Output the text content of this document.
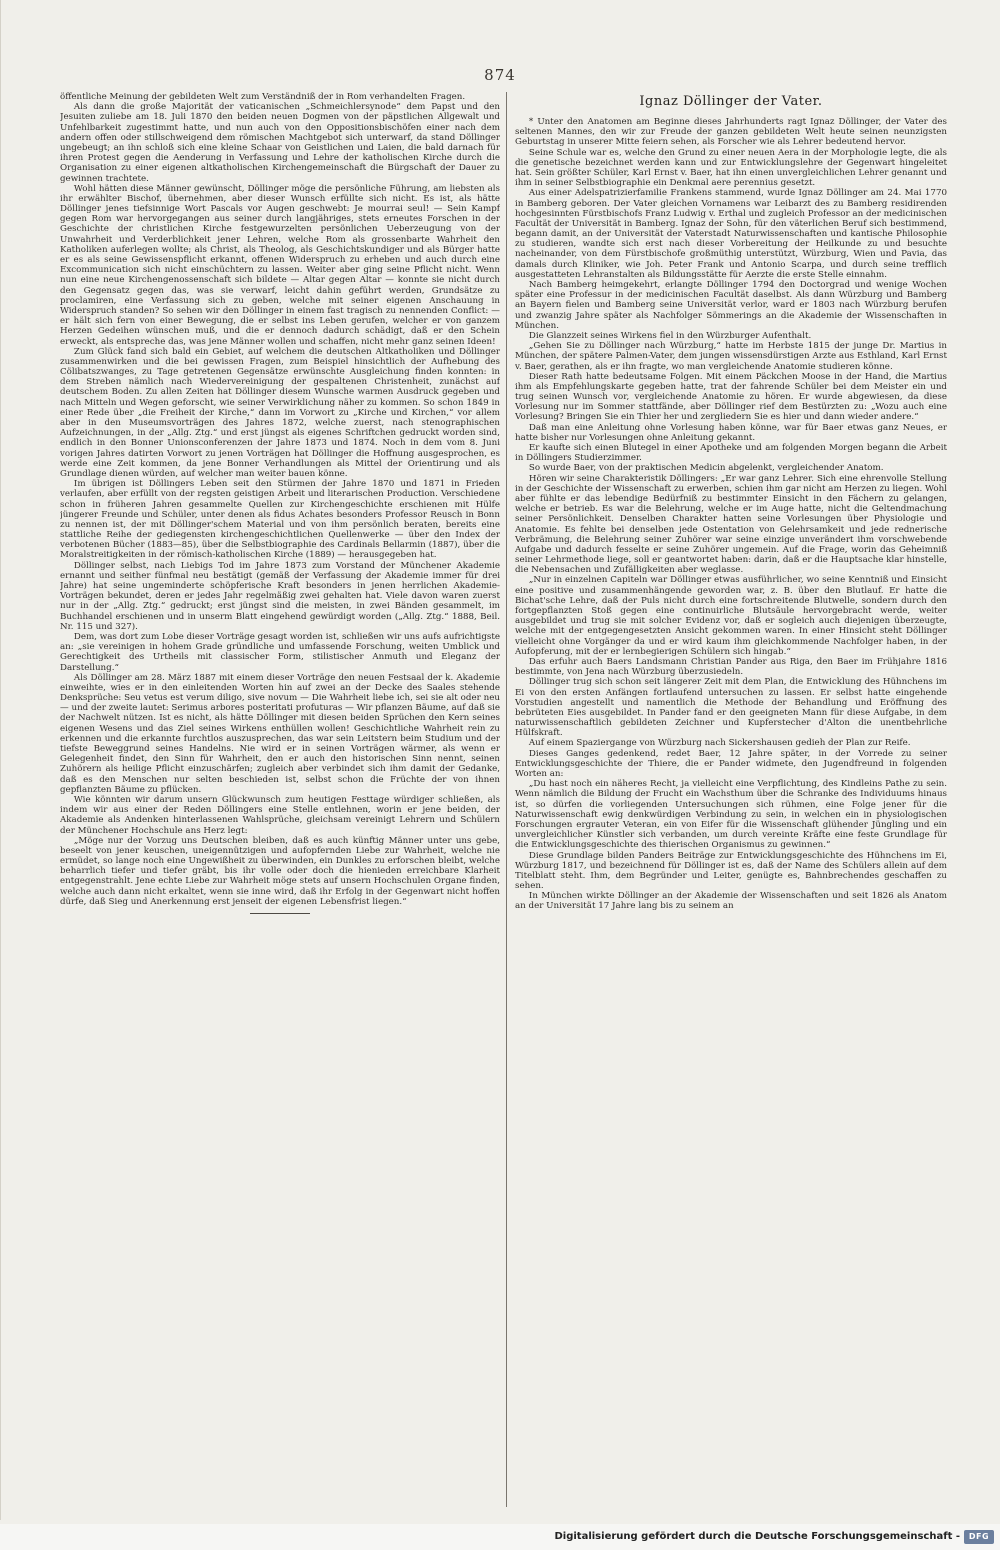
874

öffentliche Meinung der gebildeten Welt zum Verständniß der in Rom verhandelten Fragen.

Als dann die große Majorität der vaticanischen „Schmeichlersynode“ dem Papst und den Jesuiten zuliebe am 18. Juli 1870 den beiden neuen Dogmen von der päpstlichen Allgewalt und Unfehlbarkeit zugestimmt hatte, und nun auch von den Oppositionsbischöfen einer nach dem andern offen oder stillschweigend dem römischen Machtgebot sich unterwarf, da stand Döllinger ungebeugt; an ihn schloß sich eine kleine Schaar von Geistlichen und Laien, die bald darnach für ihren Protest gegen die Aenderung in Verfassung und Lehre der katholischen Kirche durch die Organisation zu einer eigenen altkatholischen Kirchengemeinschaft die Bürgschaft der Dauer zu gewinnen trachtete.

Wohl hätten diese Männer gewünscht, Döllinger möge die persönliche Führung, am liebsten als ihr erwählter Bischof, übernehmen, aber dieser Wunsch erfüllte sich nicht. Es ist, als hätte Döllinger jenes tiefsinnige Wort Pascals vor Augen geschwebt: Je mourrai seul! — Sein Kampf gegen Rom war hervorgegangen aus seiner durch langjähriges, stets erneutes Forschen in der Geschichte der christlichen Kirche festgewurzelten persönlichen Ueberzeugung von der Unwahrheit und Verderblichkeit jener Lehren, welche Rom als grossenbarte Wahrheit den Katholiken auferlegen wollte; als Christ, als Theolog, als Geschichtskundiger und als Bürger hatte er es als seine Gewissenspflicht erkannt, offenen Widerspruch zu erheben und auch durch eine Excommunication sich nicht einschüchtern zu lassen. Weiter aber ging seine Pflicht nicht. Wenn nun eine neue Kirchengenossenschaft sich bildete — Altar gegen Altar — konnte sie nicht durch den Gegensatz gegen das, was sie verwarf, leicht dahin geführt werden, Grundsätze zu proclamiren, eine Verfassung sich zu geben, welche mit seiner eigenen Anschauung in Widerspruch standen? So sehen wir den Döllinger in einem fast tragisch zu nennenden Conflict: — er hält sich fern von einer Bewegung, die er selbst ins Leben gerufen, welcher er von ganzem Herzen Gedeihen wünschen muß, und die er dennoch dadurch schädigt, daß er den Schein erweckt, als entspreche das, was jene Männer wollen und schaffen, nicht mehr ganz seinen Ideen!

Zum Glück fand sich bald ein Gebiet, auf welchem die deutschen Altkatholiken und Döllinger zusammenwirken und die bei gewissen Fragen, zum Beispiel hinsichtlich der Aufhebung des Cölibatszwanges, zu Tage getretenen Gegensätze erwünschte Ausgleichung finden konnten: in dem Streben nämlich nach Wiedervereinigung der gespaltenen Christenheit, zunächst auf deutschem Boden. Zu allen Zeiten hat Döllinger diesem Wunsche warmen Ausdruck gegeben und nach Mitteln und Wegen geforscht, wie seiner Verwirklichung näher zu kommen. So schon 1849 in einer Rede über „die Freiheit der Kirche,“ dann im Vorwort zu „Kirche und Kirchen,“ vor allem aber in den Museumsvorträgen des Jahres 1872, welche zuerst, nach stenographischen Aufzeichnungen, in der „Allg. Ztg.“ und erst jüngst als eigenes Schriftchen gedruckt worden sind, endlich in den Bonner Unionsconferenzen der Jahre 1873 und 1874. Noch in dem vom 8. Juni vorigen Jahres datirten Vorwort zu jenen Vorträgen hat Döllinger die Hoffnung ausgesprochen, es werde eine Zeit kommen, da jene Bonner Verhandlungen als Mittel der Orientirung und als Grundlage dienen würden, auf welcher man weiter bauen könne.

Im übrigen ist Döllingers Leben seit den Stürmen der Jahre 1870 und 1871 in Frieden verlaufen, aber erfüllt von der regsten geistigen Arbeit und literarischen Production. Verschiedene schon in früheren Jahren gesammelte Quellen zur Kirchengeschichte erschienen mit Hülfe jüngerer Freunde und Schüler, unter denen als fidus Achates besonders Professor Reusch in Bonn zu nennen ist, der mit Döllinger'schem Material und von ihm persönlich beraten, bereits eine stattliche Reihe der gediegensten kirchengeschichtlichen Quellenwerke — über den Index der verbotenen Bücher (1883—85), über die Selbstbiographie des Cardinals Bellarmin (1887), über die Moralstreitigkeiten in der römisch-katholischen Kirche (1889) — herausgegeben hat.

Döllinger selbst, nach Liebigs Tod im Jahre 1873 zum Vorstand der Münchener Akademie ernannt und seither fünfmal neu bestätigt (gemäß der Verfassung der Akademie immer für drei Jahre) hat seine ungeminderte schöpferische Kraft besonders in jenen herrlichen Akademie-Vorträgen bekundet, deren er jedes Jahr regelmäßig zwei gehalten hat. Viele davon waren zuerst nur in der „Allg. Ztg.“ gedruckt; erst jüngst sind die meisten, in zwei Bänden gesammelt, im Buchhandel erschienen und in unserm Blatt eingehend gewürdigt worden („Allg. Ztg.“ 1888, Beil. Nr. 115 und 327).

Dem, was dort zum Lobe dieser Vorträge gesagt worden ist, schließen wir uns aufs aufrichtigste an: „sie vereinigen in hohem Grade gründliche und umfassende Forschung, weiten Umblick und Gerechtigkeit des Urtheils mit classischer Form, stilistischer Anmuth und Eleganz der Darstellung.“

Als Döllinger am 28. März 1887 mit einem dieser Vorträge den neuen Festsaal der k. Akademie einweihte, wies er in den einleitenden Worten hin auf zwei an der Decke des Saales stehende Denksprüche: Seu vetus est verum diligo, sive novum — Die Wahrheit liebe ich, sei sie alt oder neu — und der zweite lautet: Serimus arbores posteritati profuturas — Wir pflanzen Bäume, auf daß sie der Nachwelt nützen. Ist es nicht, als hätte Döllinger mit diesen beiden Sprüchen den Kern seines eigenen Wesens und das Ziel seines Wirkens enthüllen wollen! Geschichtliche Wahrheit rein zu erkennen und die erkannte furchtlos auszusprechen, das war sein Leitstern beim Studium und der tiefste Beweggrund seines Handelns. Nie wird er in seinen Vorträgen wärmer, als wenn er Gelegenheit findet, den Sinn für Wahrheit, den er auch den historischen Sinn nennt, seinen Zuhörern als heilige Pflicht einzuschärfen; zugleich aber verbindet sich ihm damit der Gedanke, daß es den Menschen nur selten beschieden ist, selbst schon die Früchte der von ihnen gepflanzten Bäume zu pflücken.

Wie könnten wir darum unsern Glückwunsch zum heutigen Festtage würdiger schließen, als indem wir aus einer der Reden Döllingers eine Stelle entlehnen, worin er jene beiden, der Akademie als Andenken hinterlassenen Wahlsprüche, gleichsam vereinigt Lehrern und Schülern der Münchener Hochschule ans Herz legt:

„Möge nur der Vorzug uns Deutschen bleiben, daß es auch künftig Männer unter uns gebe, beseelt von jener keuschen, uneigennützigen und aufopfernden Liebe zur Wahrheit, welche nie ermüdet, so lange noch eine Ungewißheit zu überwinden, ein Dunkles zu erforschen bleibt, welche beharrlich tiefer und tiefer gräbt, bis ihr volle oder doch die hienieden erreichbare Klarheit entgegenstrahlt. Jene echte Liebe zur Wahrheit möge stets auf unsern Hochschulen Organe finden, welche auch dann nicht erkaltet, wenn sie inne wird, daß ihr Erfolg in der Gegenwart nicht hoffen dürfe, daß Sieg und Anerkennung erst jenseit der eigenen Lebensfrist liegen.“

Ignaz Döllinger der Vater.

* Unter den Anatomen am Beginne dieses Jahrhunderts ragt Ignaz Döllinger, der Vater des seltenen Mannes, den wir zur Freude der ganzen gebildeten Welt heute seinen neunzigsten Geburtstag in unserer Mitte feiern sehen, als Forscher wie als Lehrer bedeutend hervor.

Seine Schule war es, welche den Grund zu einer neuen Aera in der Morphologie legte, die als die genetische bezeichnet werden kann und zur Entwicklungslehre der Gegenwart hingeleitet hat. Sein größter Schüler, Karl Ernst v. Baer, hat ihn einen unvergleichlichen Lehrer genannt und ihm in seiner Selbstbiographie ein Denkmal aere perennius gesetzt.

Aus einer Adelspatrizierfamilie Frankens stammend, wurde Ignaz Döllinger am 24. Mai 1770 in Bamberg geboren. Der Vater gleichen Vornamens war Leibarzt des zu Bamberg residirenden hochgesinnten Fürstbischofs Franz Ludwig v. Erthal und zugleich Professor an der medicinischen Facultät der Universität in Bamberg. Ignaz der Sohn, für den väterlichen Beruf sich bestimmend, begann damit, an der Universität der Vaterstadt Naturwissenschaften und kantische Philosophie zu studieren, wandte sich erst nach dieser Vorbereitung der Heilkunde zu und besuchte nacheinander, von dem Fürstbischofe großmüthig unterstützt, Würzburg, Wien und Pavia, das damals durch Kliniker, wie Joh. Peter Frank und Antonio Scarpa, und durch seine trefflich ausgestatteten Lehranstalten als Bildungsstätte für Aerzte die erste Stelle einnahm.

Nach Bamberg heimgekehrt, erlangte Döllinger 1794 den Doctorgrad und wenige Wochen später eine Professur in der medicinischen Facultät daselbst. Als dann Würzburg und Bamberg an Bayern fielen und Bamberg seine Universität verlor, ward er 1803 nach Würzburg berufen und zwanzig Jahre später als Nachfolger Sömmerings an die Akademie der Wissenschaften in München.

Die Glanzzeit seines Wirkens fiel in den Würzburger Aufenthalt.

„Gehen Sie zu Döllinger nach Würzburg,“ hatte im Herbste 1815 der junge Dr. Martius in München, der spätere Palmen-Vater, dem jungen wissensdürstigen Arzte aus Esthland, Karl Ernst v. Baer, gerathen, als er ihn fragte, wo man vergleichende Anatomie studieren könne.

Dieser Rath hatte bedeutsame Folgen. Mit einem Päckchen Moose in der Hand, die Martius ihm als Empfehlungskarte gegeben hatte, trat der fahrende Schüler bei dem Meister ein und trug seinen Wunsch vor, vergleichende Anatomie zu hören. Er wurde abgewiesen, da diese Vorlesung nur im Sommer stattfände, aber Döllinger rief dem Bestürzten zu: „Wozu auch eine Vorlesung? Bringen Sie ein Thier her und zergliedern Sie es hier und dann wieder andere.“

Daß man eine Anleitung ohne Vorlesung haben könne, war für Baer etwas ganz Neues, er hatte bisher nur Vorlesungen ohne Anleitung gekannt.

Er kaufte sich einen Blutegel in einer Apotheke und am folgenden Morgen begann die Arbeit in Döllingers Studierzimmer.

So wurde Baer, von der praktischen Medicin abgelenkt, vergleichender Anatom.

Hören wir seine Charakteristik Döllingers: „Er war ganz Lehrer. Sich eine ehrenvolle Stellung in der Geschichte der Wissenschaft zu erwerben, schien ihm gar nicht am Herzen zu liegen. Wohl aber fühlte er das lebendige Bedürfniß zu bestimmter Einsicht in den Fächern zu gelangen, welche er betrieb. Es war die Belehrung, welche er im Auge hatte, nicht die Geltendmachung seiner Persönlichkeit. Denselben Charakter hatten seine Vorlesungen über Physiologie und Anatomie. Es fehlte bei denselben jede Ostentation von Gelehrsamkeit und jede rednerische Verbrämung, die Belehrung seiner Zuhörer war seine einzige unverändert ihm vorschwebende Aufgabe und dadurch fesselte er seine Zuhörer ungemein. Auf die Frage, worin das Geheimniß seiner Lehrmethode liege, soll er geantwortet haben: darin, daß er die Hauptsache klar hinstelle, die Nebensachen und Zufälligkeiten aber weglasse.

„Nur in einzelnen Capiteln war Döllinger etwas ausführlicher, wo seine Kenntniß und Einsicht eine positive und zusammenhängende geworden war, z. B. über den Blutlauf. Er hatte die Bichat'sche Lehre, daß der Puls nicht durch eine fortschreitende Blutwelle, sondern durch den fortgepflanzten Stoß gegen eine continuirliche Blutsäule hervorgebracht werde, weiter ausgebildet und trug sie mit solcher Evidenz vor, daß er sogleich auch diejenigen überzeugte, welche mit der entgegengesetzten Ansicht gekommen waren. In einer Hinsicht steht Döllinger vielleicht ohne Vorgänger da und er wird kaum ihm gleichkommende Nachfolger haben, in der Aufopferung, mit der er lernbegierigen Schülern sich hingab.“

Das erfuhr auch Baers Landsmann Christian Pander aus Riga, den Baer im Frühjahre 1816 bestimmte, von Jena nach Würzburg überzusiedeln.

Döllinger trug sich schon seit längerer Zeit mit dem Plan, die Entwicklung des Hühnchens im Ei von den ersten Anfängen fortlaufend untersuchen zu lassen. Er selbst hatte eingehende Vorstudien angestellt und namentlich die Methode der Behandlung und Eröffnung des bebrüteten Eies ausgebildet. In Pander fand er den geeigneten Mann für diese Aufgabe, in dem naturwissenschaftlich gebildeten Zeichner und Kupferstecher d'Alton die unentbehrliche Hülfskraft.

Auf einem Spaziergange von Würzburg nach Sickershausen gedieh der Plan zur Reife.

Dieses Ganges gedenkend, redet Baer, 12 Jahre später, in der Vorrede zu seiner Entwicklungsgeschichte der Thiere, die er Pander widmete, den Jugendfreund in folgenden Worten an:

„Du hast noch ein näheres Recht, ja vielleicht eine Verpflichtung, des Kindleins Pathe zu sein. Wenn nämlich die Bildung der Frucht ein Wachsthum über die Schranke des Individuums hinaus ist, so dürfen die vorliegenden Untersuchungen sich rühmen, eine Folge jener für die Naturwissenschaft ewig denkwürdigen Verbindung zu sein, in welchen ein in physiologischen Forschungen ergrauter Veteran, ein von Eifer für die Wissenschaft glühender Jüngling und ein unvergleichlicher Künstler sich verbanden, um durch vereinte Kräfte eine feste Grundlage für die Entwicklungsgeschichte des thierischen Organismus zu gewinnen.“

Diese Grundlage bilden Panders Beiträge zur Entwicklungsgeschichte des Hühnchens im Ei, Würzburg 1817, und bezeichnend für Döllinger ist es, daß der Name des Schülers allein auf dem Titelblatt steht. Ihm, dem Begründer und Leiter, genügte es, Bahnbrechendes geschaffen zu sehen.

In München wirkte Döllinger an der Akademie der Wissenschaften und seit 1826 als Anatom an der Universität 17 Jahre lang bis zu seinem an

Digitalisierung gefördert durch die Deutsche Forschungsgemeinschaft -	DFG
